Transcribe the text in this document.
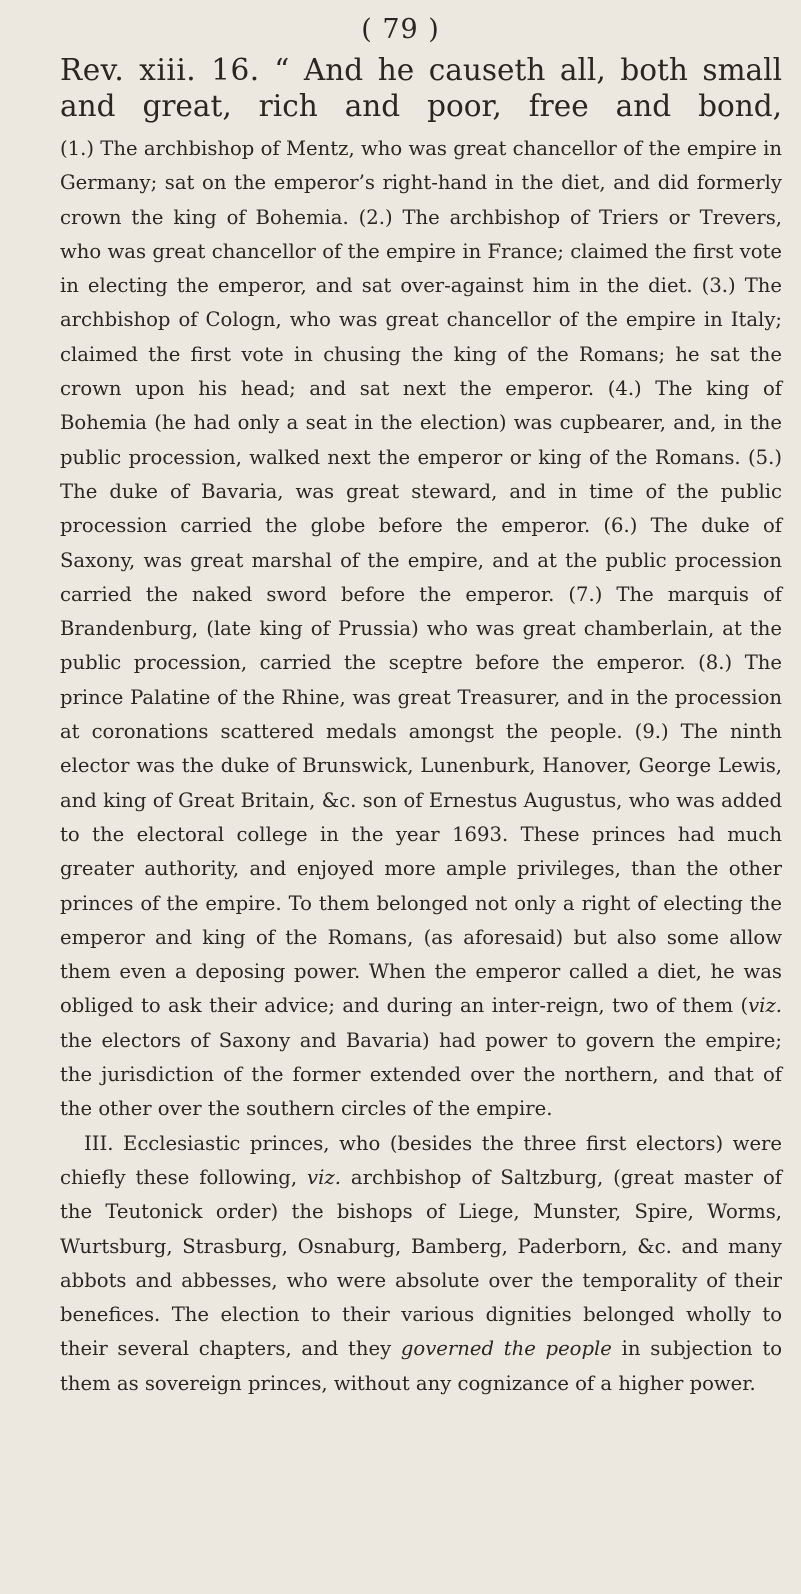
( 79 )
Rev. xiii. 16. “ And he causeth all, both small and great, rich and poor, free and bond,

(1.) The archbishop of Mentz, who was great chancellor of the empire in Germany; sat on the emperor’s right-hand in the diet, and did formerly crown the king of Bohemia. (2.) The archbishop of Triers or Trevers, who was great chancellor of the empire in France; claimed the first vote in electing the emperor, and sat over-against him in the diet. (3.) The archbishop of Cologn, who was great chancellor of the empire in Italy; claimed the first vote in chusing the king of the Romans; he sat the crown upon his head; and sat next the emperor. (4.) The king of Bohemia (he had only a seat in the election) was cupbearer, and, in the public procession, walked next the emperor or king of the Romans. (5.) The duke of Bavaria, was great steward, and in time of the public procession carried the globe before the emperor. (6.) The duke of Saxony, was great marshal of the empire, and at the public procession carried the naked sword before the emperor. (7.) The marquis of Brandenburg, (late king of Prussia) who was great chamberlain, at the public procession, carried the sceptre before the emperor. (8.) The prince Palatine of the Rhine, was great Treasurer, and in the procession at coronations scattered medals amongst the people. (9.) The ninth elector was the duke of Brunswick, Lunenburk, Hanover, George Lewis, and king of Great Britain, &c. son of Ernestus Augustus, who was added to the electoral college in the year 1693. These princes had much greater authority, and enjoyed more ample privileges, than the other princes of the empire. To them belonged not only a right of electing the emperor and king of the Romans, (as aforesaid) but also some allow them even a deposing power. When the emperor called a diet, he was obliged to ask their advice; and during an inter-reign, two of them (viz. the electors of Saxony and Bavaria) had power to govern the empire; the jurisdiction of the former extended over the northern, and that of the other over the southern circles of the empire.

III. Ecclesiastic princes, who (besides the three first electors) were chiefly these following, viz. archbishop of Saltzburg, (great master of the Teutonick order) the bishops of Liege, Munster, Spire, Worms, Wurtsburg, Strasburg, Osnaburg, Bamberg, Paderborn, &c. and many abbots and abbesses, who were absolute over the temporality of their benefices. The election to their various dignities belonged wholly to their several chapters, and they governed the people in subjection to them as sovereign princes, without any cognizance of a higher power.
